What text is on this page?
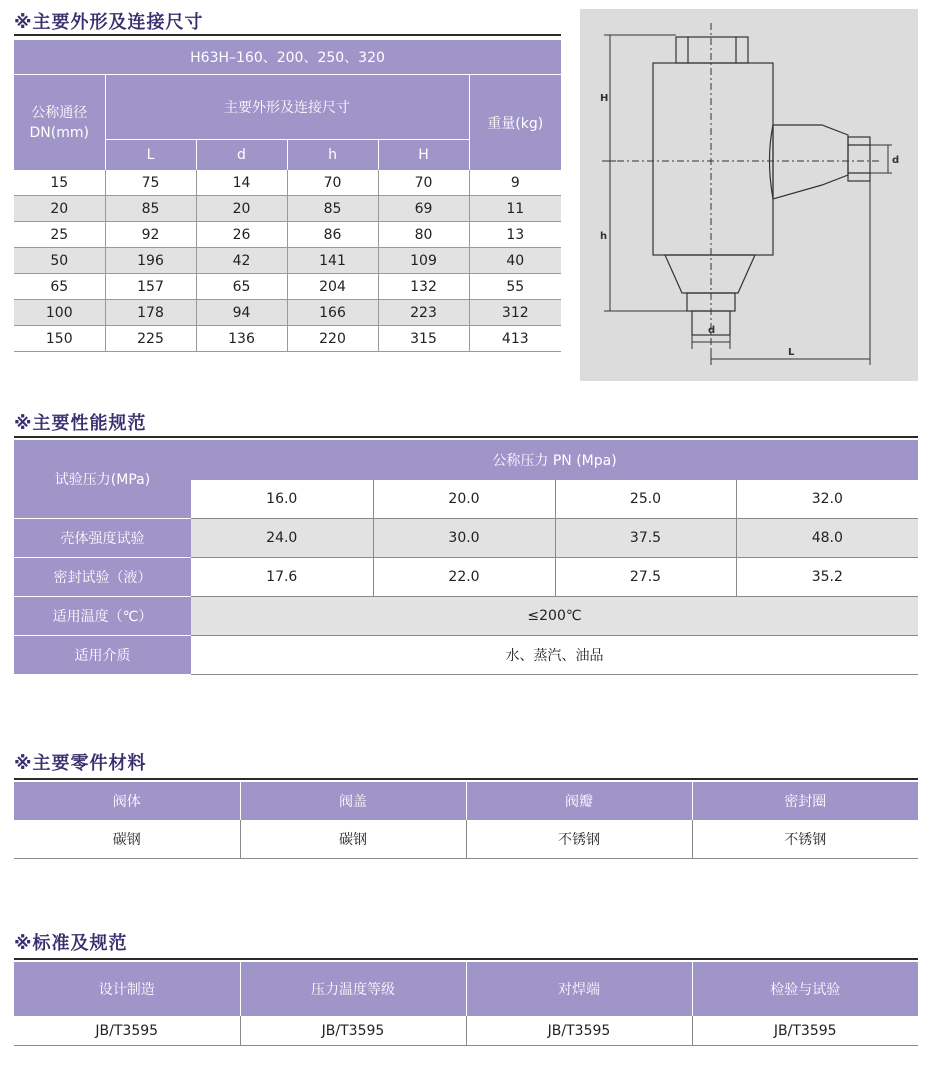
※主要外形及连接尺寸
H63H–160、200、250、320					
公称通径DN(mm)	主要外形及连接尺寸				重量(kg)
	L	d	h	H	
15	75	14	70	70	9
20	85	20	85	69	11
25	92	26	86	80	13
50	196	42	141	109	40
65	157	65	204	132	55
100	178	94	166	223	312
150	225	136	220	315	413
H
h
d
d
L
※主要性能规范
试验压力(MPa)	公称压力 PN (Mpa)			
	16.0	20.0	25.0	32.0
壳体强度试验	24.0	30.0	37.5	48.0
密封试验（液）	17.6	22.0	27.5	35.2
适用温度（℃）	≤200℃			
适用介质	水、蒸汽、油品			
※主要零件材料
阀体	阀盖	阀瓣	密封圈
碳钢	碳钢	不锈钢	不锈钢
※标准及规范
设计制造	压力温度等级	对焊端	检验与试验
JB/T3595	JB/T3595	JB/T3595	JB/T3595
